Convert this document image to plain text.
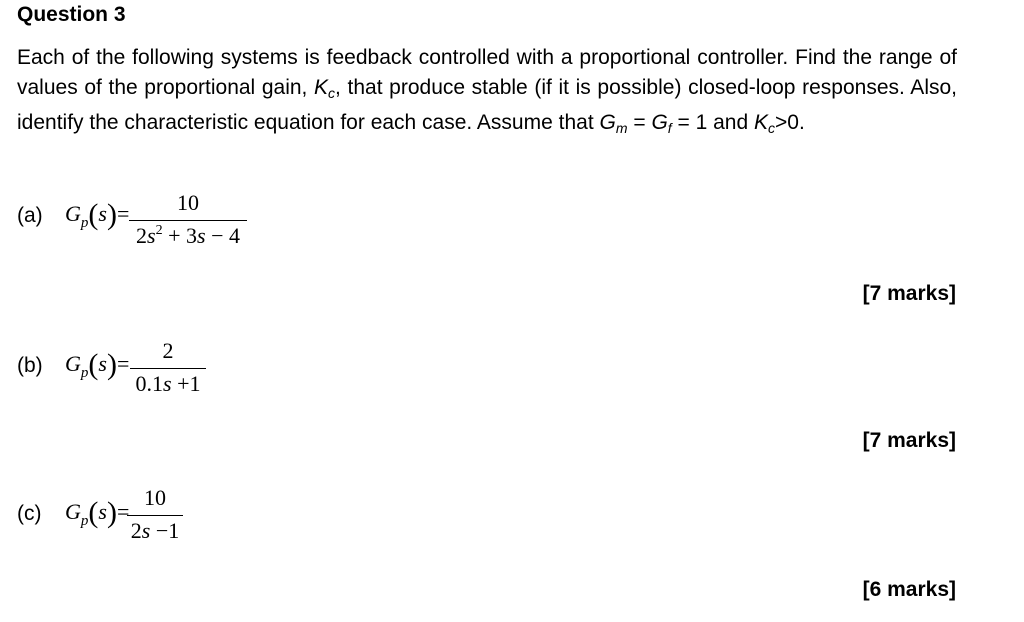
Question 3
Each of the following systems is feedback controlled with a proportional controller. Find the range of values of the proportional gain, $K_c$, that produce stable (if it is possible) closed-loop responses. Also, identify the characteristic equation for each case. Assume that $G_m = G_f = 1$ and $K_c>0$.
(a) $G_p(s)=$	10
$2s^2 + 3s - 4$
[7 marks]
(b) $G_p(s)=$
2
0.1s +1
[7 marks]
(c) $G_p(s)=$
10
2s −1
[6 marks]
